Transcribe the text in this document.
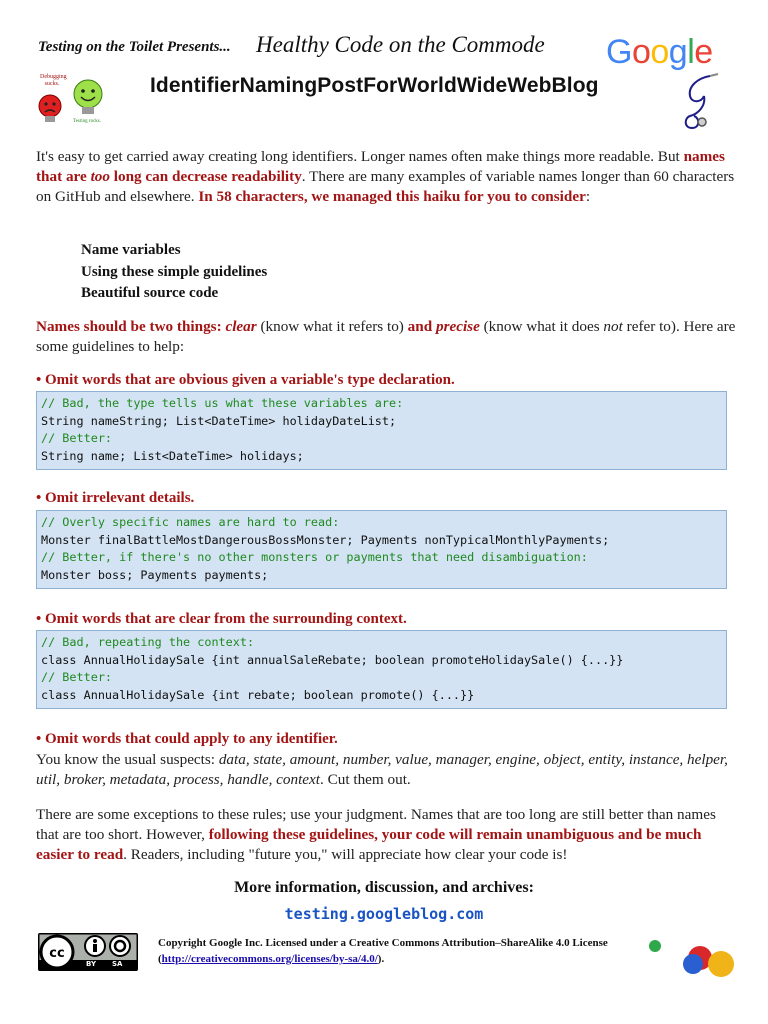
Testing on the Toilet Presents... Healthy Code on the Commode
IdentifierNamingPostForWorldWideWebBlog
Google
Debugging sucks.
Testing rocks.
It's easy to get carried away creating long identifiers. Longer names often make things more readable. But names that are too long can decrease readability. There are many examples of variable names longer than 60 characters on GitHub and elsewhere. In 58 characters, we managed this haiku for you to consider:
Name variables
Using these simple guidelines
Beautiful source code
Names should be two things: clear (know what it refers to) and precise (know what it does not refer to). Here are some guidelines to help:
• Omit words that are obvious given a variable's type declaration.
// Bad, the type tells us what these variables are:
String nameString; List<DateTime> holidayDateList;
// Better:
String name; List<DateTime> holidays;
• Omit irrelevant details.
// Overly specific names are hard to read:
Monster finalBattleMostDangerousBossMonster; Payments nonTypicalMonthlyPayments;
// Better, if there's no other monsters or payments that need disambiguation:
Monster boss; Payments payments;
• Omit words that are clear from the surrounding context.
// Bad, repeating the context:
class AnnualHolidaySale {int annualSaleRebate; boolean promoteHolidaySale() {...}}
// Better:
class AnnualHolidaySale {int rebate; boolean promote() {...}}
• Omit words that could apply to any identifier.
You know the usual suspects: data, state, amount, number, value, manager, engine, object, entity, instance, helper, util, broker, metadata, process, handle, context. Cut them out.
There are some exceptions to these rules; use your judgment. Names that are too long are still better than names that are too short. However, following these guidelines, your code will remain unambiguous and be much easier to read. Readers, including "future you," will appreciate how clear your code is!
More information, discussion, and archives:
testing.googleblog.com
cc
BY SA
Copyright Google Inc. Licensed under a Creative Commons Attribution–ShareAlike 4.0 License (http://creativecommons.org/licenses/by-sa/4.0/).
